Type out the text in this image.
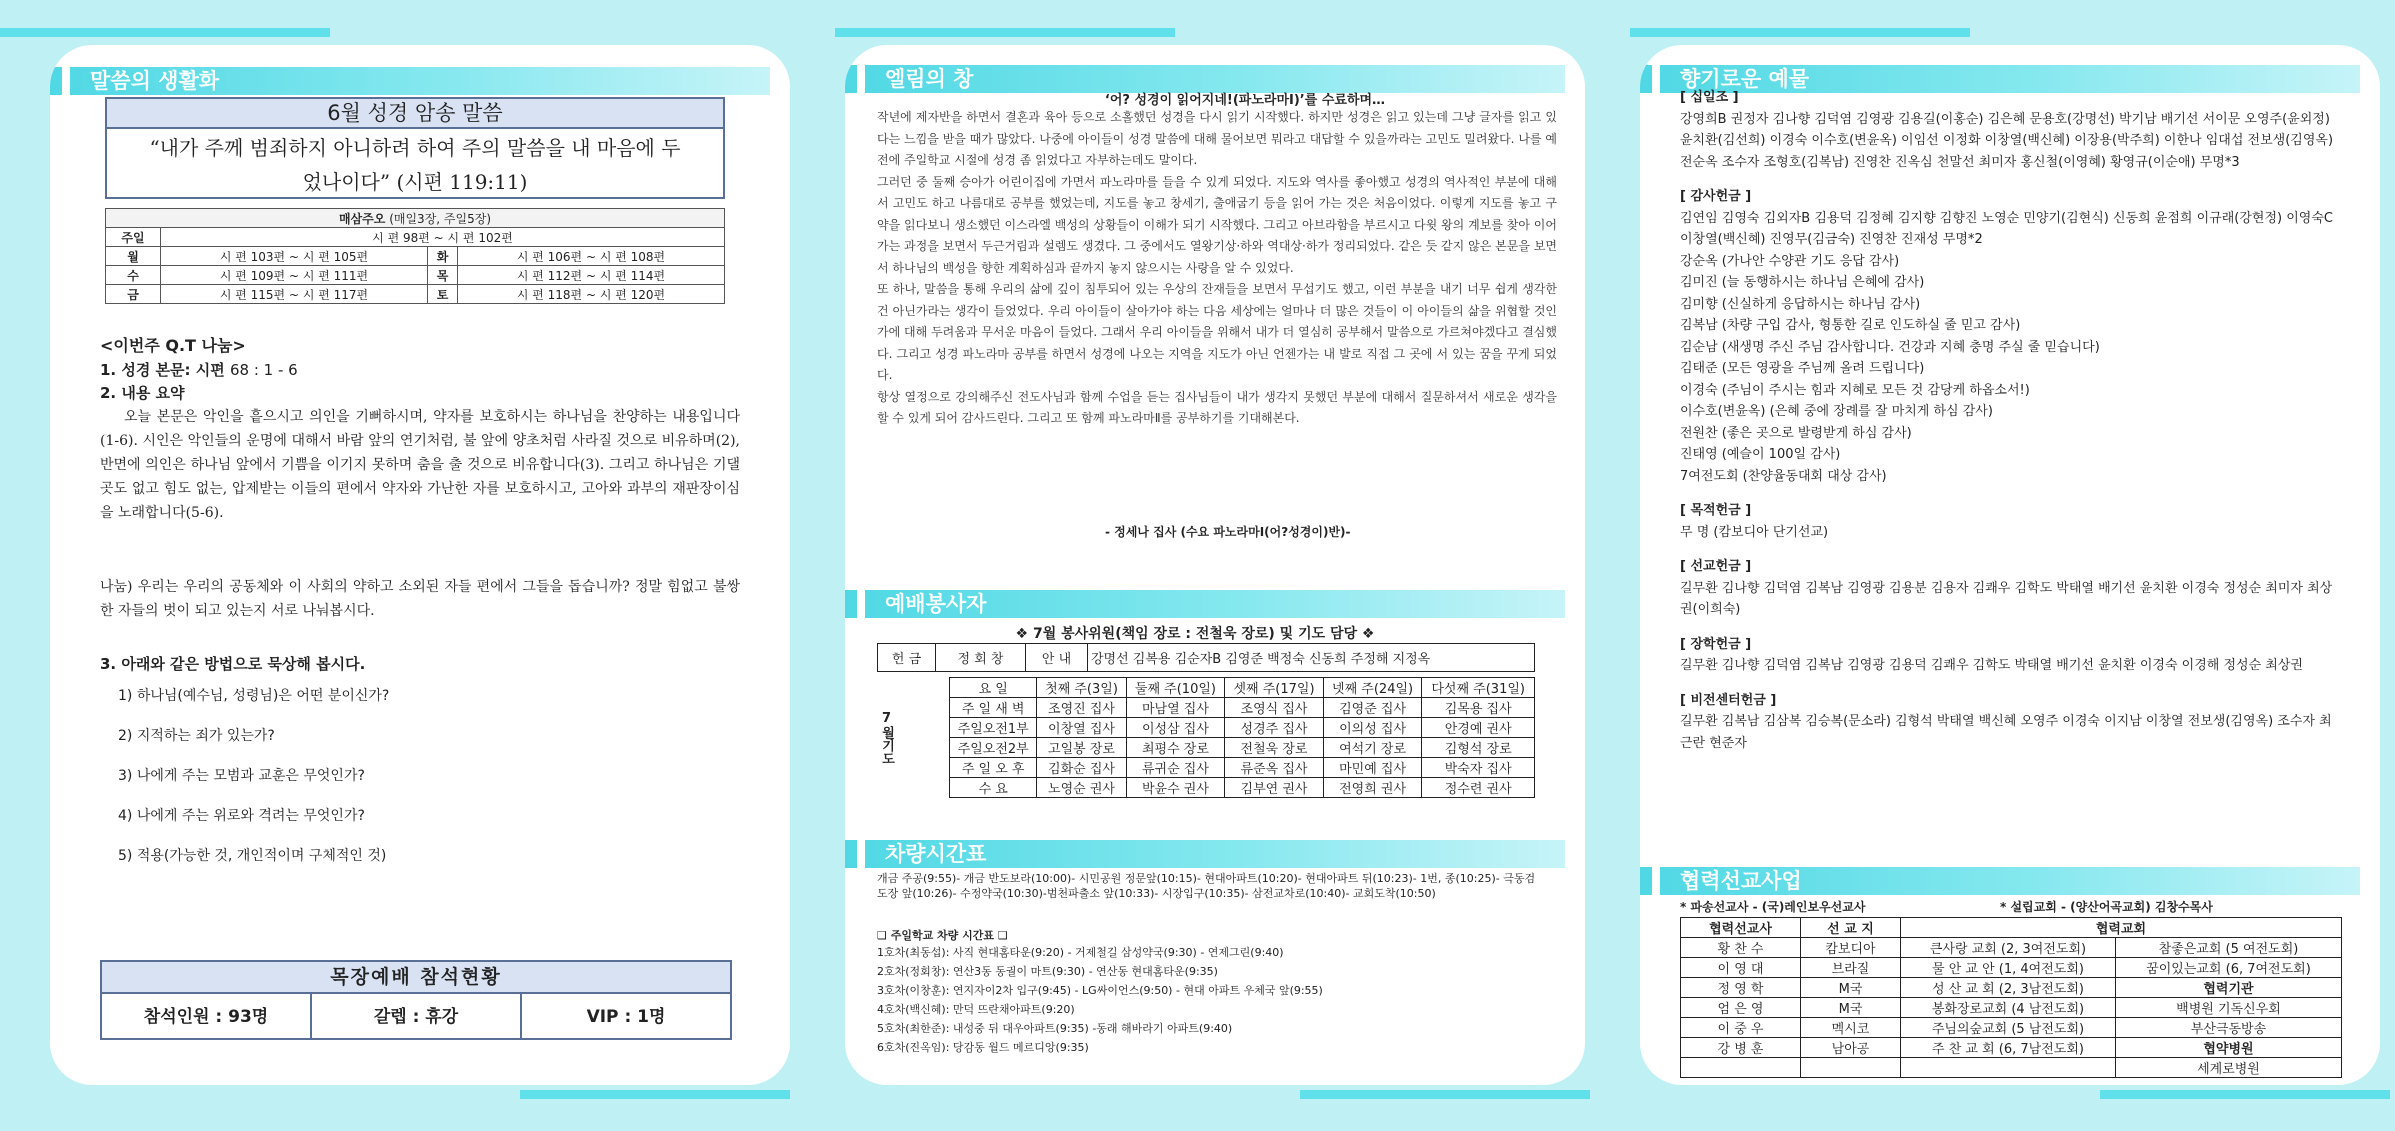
말씀의 생활화
6월 성경 암송 말씀
“내가 주께 범죄하지 아니하려 하여 주의 말씀을 내 마음에 두었나이다” (시편 119:11)
매삼주오 (매일3장, 주일5장)			
주일	시 편 98편 ~ 시 편 102편		
월	시 편 103편 ~ 시 편 105편	화	시 편 106편 ~ 시 편 108편
수	시 편 109편 ~ 시 편 111편	목	시 편 112편 ~ 시 편 114편
금	시 편 115편 ~ 시 편 117편	토	시 편 118편 ~ 시 편 120편
<이번주 Q.T 나눔>
1. 성경 본문: 시편 68 : 1 - 6
2. 내용 요약
오늘 본문은 악인을 흩으시고 의인을 기뻐하시며, 약자를 보호하시는 하나님을 찬양하는 내용입니다(1-6). 시인은 악인들의 운명에 대해서 바람 앞의 연기처럼, 불 앞에 양초처럼 사라질 것으로 비유하며(2), 반면에 의인은 하나님 앞에서 기쁨을 이기지 못하며 춤을 출 것으로 비유합니다(3). 그리고 하나님은 기댈 곳도 없고 힘도 없는, 압제받는 이들의 편에서 약자와 가난한 자를 보호하시고, 고아와 과부의 재판장이심을 노래합니다(5-6).
나눔) 우리는 우리의 공동체와 이 사회의 약하고 소외된 자들 편에서 그들을 돕습니까? 정말 힘없고 불쌍한 자들의 벗이 되고 있는지 서로 나눠봅시다.
3. 아래와 같은 방법으로 묵상해 봅시다.
1) 하나님(예수님, 성령님)은 어떤 분이신가?
2) 지적하는 죄가 있는가?
3) 나에게 주는 모범과 교훈은 무엇인가?
4) 나에게 주는 위로와 격려는 무엇인가?
5) 적용(가능한 것, 개인적이며 구체적인 것)
목장예배 참석현황
참석인원 : 93명	갈렙 : 휴강	VIP : 1명
엘림의 창
‘어? 성경이 읽어지네!(파노라마Ⅰ)’를 수료하며…
작년에 제자반을 하면서 결혼과 육아 등으로 소홀했던 성경을 다시 읽기 시작했다. 하지만 성경은 읽고 있는데 그냥 글자를 읽고 있다는 느낌을 받을 때가 많았다. 나중에 아이들이 성경 말씀에 대해 물어보면 뭐라고 대답할 수 있을까라는 고민도 밀려왔다. 나를 예전에 주일학교 시절에 성경 좀 읽었다고 자부하는데도 말이다.
그러던 중 둘째 승아가 어린이집에 가면서 파노라마를 들을 수 있게 되었다. 지도와 역사를 좋아했고 성경의 역사적인 부분에 대해서 고민도 하고 나름대로 공부를 했었는데, 지도를 놓고 창세기, 출애굽기 등을 읽어 가는 것은 처음이었다. 이렇게 지도를 놓고 구약을 읽다보니 생소했던 이스라엘 백성의 상황들이 이해가 되기 시작했다. 그리고 아브라함을 부르시고 다윗 왕의 계보를 찾아 이어가는 과정을 보면서 두근거림과 설렘도 생겼다. 그 중에서도 열왕기상·하와 역대상·하가 정리되었다. 같은 듯 같지 않은 본문을 보면서 하나님의 백성을 향한 계획하심과 끝까지 놓지 않으시는 사랑을 알 수 있었다.
또 하나, 말씀을 통해 우리의 삶에 깊이 침투되어 있는 우상의 잔재들을 보면서 무섭기도 했고, 이런 부분을 내기 너무 쉽게 생각한 건 아닌가라는 생각이 들었었다. 우리 아이들이 살아가야 하는 다음 세상에는 얼마나 더 많은 것들이 이 아이들의 삶을 위협할 것인가에 대해 두려움과 무서운 마음이 들었다. 그래서 우리 아이들을 위해서 내가 더 열심히 공부해서 말씀으로 가르쳐야겠다고 결심했다. 그리고 성경 파노라마 공부를 하면서 성경에 나오는 지역을 지도가 아닌 언젠가는 내 발로 직접 그 곳에 서 있는 꿈을 꾸게 되었다.
항상 열정으로 강의해주신 전도사님과 함께 수업을 듣는 집사님들이 내가 생각지 못했던 부분에 대해서 질문하셔서 새로운 생각을 할 수 있게 되어 감사드린다. 그리고 또 함께 파노라마Ⅱ를 공부하기를 기대해본다.
- 정세나 집사 (수요 파노라마Ⅰ(어?성경이)반)-
예배봉사자
❖ 7월 봉사위원(책임 장로 : 전철욱 장로) 및 기도 담당 ❖
헌 금	정 회 창	안 내	강명선 김복용 김순자B 김영준 백정숙 신동희 주정해 지정옥
7월기도	요 일	첫째 주(3일)	둘째 주(10일)	셋째 주(17일)	넷째 주(24일)	다섯째 주(31일)
	주 일 새 벽	조영진 집사	마남열 집사	조영식 집사	김영준 집사	김목용 집사
	주일오전1부	이창열 집사	이성삼 집사	성경주 집사	이의성 집사	안경예 권사
	주일오전2부	고일봉 장로	최평수 장로	전철욱 장로	여석기 장로	김형석 장로
	주 일 오 후	김화순 집사	류귀순 집사	류준옥 집사	마민예 집사	박숙자 집사
	수 요	노영순 권사	박윤수 권사	김부연 권사	전영희 권사	정수련 권사
차량시간표
개금 주공(9:55)- 개금 반도보라(10:00)- 시민공원 정문앞(10:15)- 현대아파트(10:20)- 현대아파트 뒤(10:23)- 1번, 종(10:25)- 극동검도장 앞(10:26)- 수정약국(10:30)-범천파출소 앞(10:33)- 시장입구(10:35)- 삼전교차로(10:40)- 교회도착(10:50)
❑ 주일학교 차량 시간표 ❑
1호차(최동섭): 사직 현대홈타운(9:20) - 거제철길 삼성약국(9:30) - 연제그린(9:40)
2호차(정회창): 연산3동 동궐이 마트(9:30) - 연산동 현대홈타운(9:35)
3호차(이창훈): 연지자이2차 입구(9:45) - LG싸이언스(9:50) - 현대 아파트 우체국 앞(9:55)
4호차(백신혜): 만덕 뜨란채아파트(9:20)
5호차(최한준): 내성중 뒤 대우아파트(9:35) -동래 해바라기 아파트(9:40)
6호차(진옥임): 당감동 월드 메르디앙(9:35)
향기로운 예물
[ 십일조 ]
강영희B 권정자 김나향 김덕염 김영광 김용길(이홍순) 김은혜 문용호(강명선) 박기남 배기선 서이문 오영주(윤외정) 윤치환(김선희) 이경숙 이수호(변윤옥) 이임선 이정화 이창열(백신혜) 이장용(박주희) 이한나 임대섭 전보생(김영옥) 전순옥 조수자 조형호(김복남) 진영찬 진옥심 천말선 최미자 홍신철(이영혜) 황영규(이순애) 무명*3
[ 감사헌금 ]
김연임 김영숙 김외자B 김용덕 김정혜 김지향 김향진 노영순 민양기(김현식) 신동희 윤점희 이규래(강현정) 이영숙C 이창열(백신혜) 진영무(김금숙) 진영찬 진재성 무명*2
강순옥 (가나안 수양관 기도 응답 감사)
김미진 (늘 동행하시는 하나님 은혜에 감사)
김미향 (신실하게 응답하시는 하나님 감사)
김복남 (차량 구입 감사, 형통한 길로 인도하실 줄 믿고 감사)
김순남 (새생명 주신 주님 감사합니다. 건강과 지혜 충명 주실 줄 믿습니다)
김태준 (모든 영광을 주님께 올려 드립니다)
이경숙 (주님이 주시는 힘과 지혜로 모든 것 감당케 하옵소서!)
이수호(변윤옥) (은혜 중에 장례를 잘 마치게 하심 감사)
전원찬 (좋은 곳으로 발령받게 하심 감사)
진태영 (예슬이 100일 감사)
7여전도회 (찬양율동대회 대상 감사)
[ 목적헌금 ]
무 명 (캄보디아 단기선교)
[ 선교헌금 ]
길무환 김나향 김덕염 김복남 김영광 김용분 김용자 김쾌우 김학도 박태열 배기선 윤치환 이경숙 정성순 최미자 최상권(이희숙)
[ 장학헌금 ]
길무환 김나향 김덕염 김복남 김영광 김용덕 김쾌우 김학도 박태열 배기선 윤치환 이경숙 이경해 정성순 최상권
[ 비전센터헌금 ]
길무환 김복남 김삼복 김승복(문소라) 김형석 박태열 백신혜 오영주 이경숙 이지남 이창열 전보생(김영옥) 조수자 최근란 현준자
협력선교사업
* 파송선교사 - (국)레인보우선교사	* 설립교회 - (양산어곡교회) 김창수목사
협력선교사	선 교 지	협력교회	
황 찬 수	캄보디아	큰사랑 교회 (2, 3여전도회)	참좋은교회 (5 여전도회)
이 영 대	브라질	물 안 교 안 (1, 4여전도회)	꿈이있는교회 (6, 7여전도회)
정 영 학	M국	성 산 교 회 (2, 3남전도회)	협력기관
엄 은 영	M국	봉화장로교회 (4 남전도회)	백병원 기독신우회
이 중 우	멕시코	주님의숲교회 (5 남전도회)	부산극동방송
강 병 훈	남아공	주 찬 교 회 (6, 7남전도회)	협약병원
			세계로병원
